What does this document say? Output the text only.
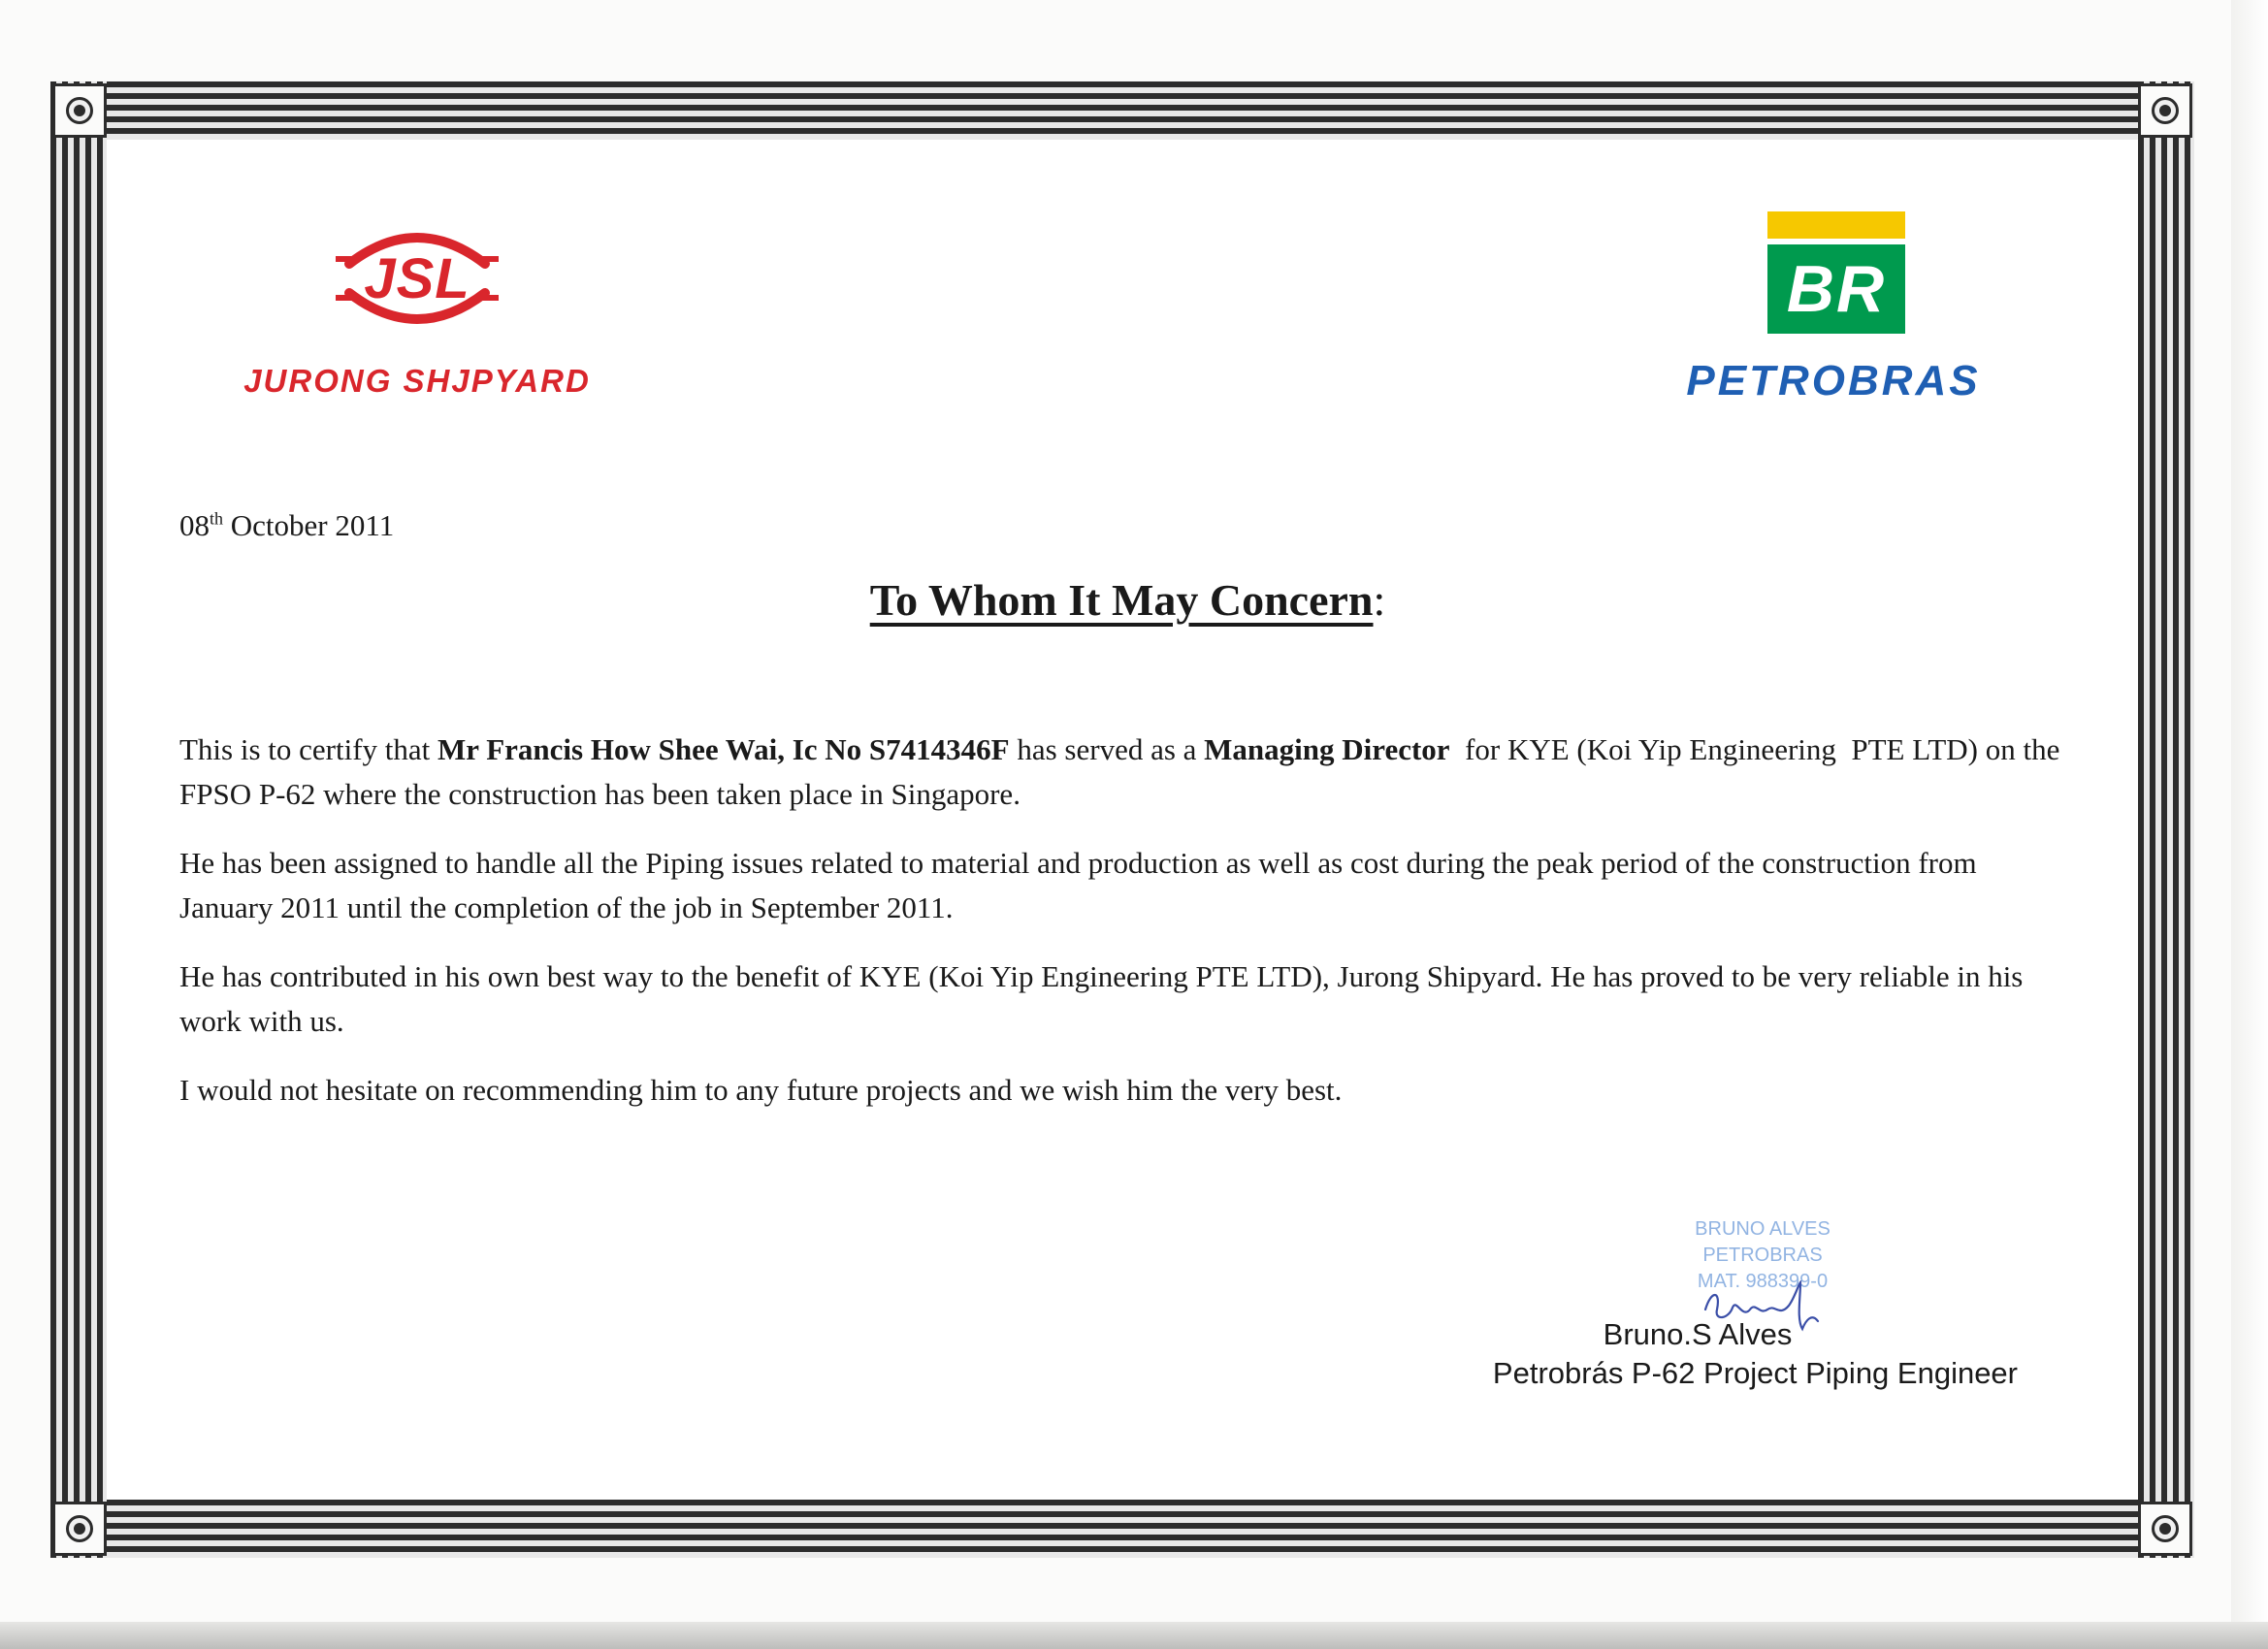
JSL
JURONG SHJPYARD
BR
PETROBRAS
08th October 2011
To Whom It May Concern:

This is to certify that Mr Francis How Shee Wai, Ic No S7414346F has served as a Managing Director  for KYE (Koi Yip Engineering  PTE LTD) on the FPSO P-62 where the construction has been taken place in Singapore.

He has been assigned to handle all the Piping issues related to material and production as well as cost during the peak period of the construction from January 2011 until the completion of the job in September 2011.

He has contributed in his own best way to the benefit of KYE (Koi Yip Engineering PTE LTD), Jurong Shipyard. He has proved to be very reliable in his work with us.

I would not hesitate on recommending him to any future projects and we wish him the very best.

BRUNO ALVES
PETROBRAS
MAT. 988399-0
Bruno.S Alves
Petrobrás P-62 Project Piping Engineer
